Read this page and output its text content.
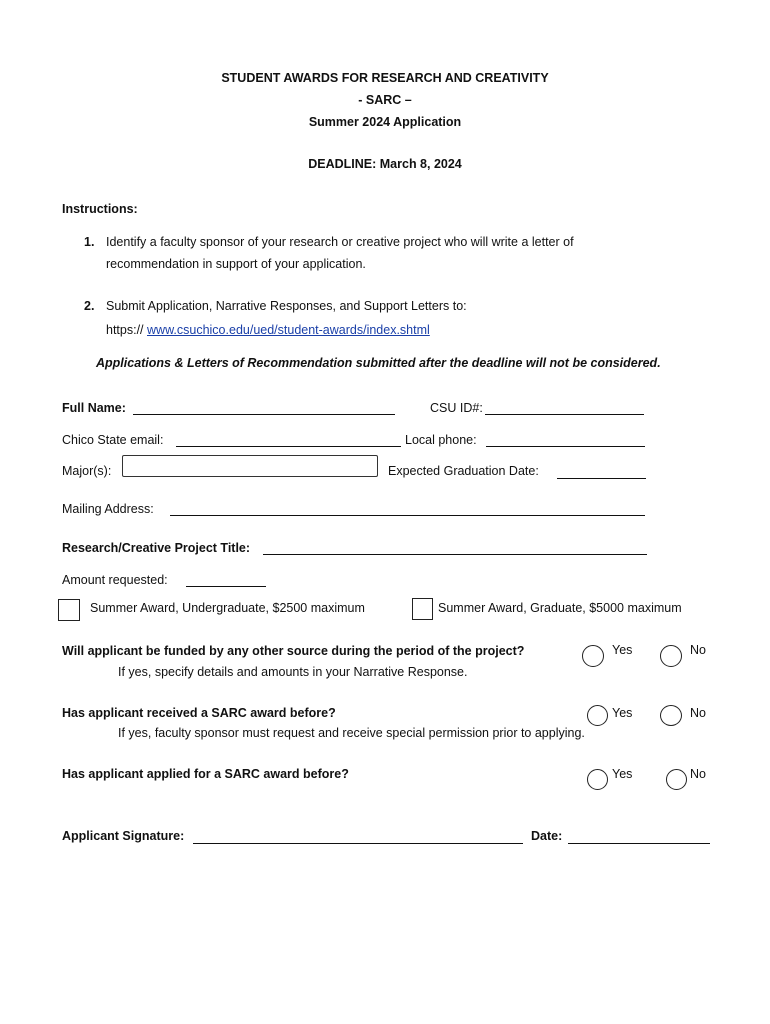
STUDENT AWARDS FOR RESEARCH AND CREATIVITY
- SARC –
Summer 2024 Application
DEADLINE: March 8, 2024
Instructions:
1. Identify a faculty sponsor of your research or creative project who will write a letter of
recommendation in support of your application.
2. Submit Application, Narrative Responses, and Support Letters to:
https:// www.csuchico.edu/ued/student-awards/index.shtml
Applications & Letters of Recommendation submitted after the deadline will not be considered.
Full Name:	CSU ID#:
Chico State email:	Local phone:
Major(s):	Expected Graduation Date:
Mailing Address:
Research/Creative Project Title:
Amount requested:
Summer Award, Undergraduate, $2500 maximum	Summer Award, Graduate, $5000 maximum
Will applicant be funded by any other source during the period of the project?
If yes, specify details and amounts in your Narrative Response.
Yes	No
Has applicant received a SARC award before?
If yes, faculty sponsor must request and receive special permission prior to applying.
Yes	No
Has applicant applied for a SARC award before?	Yes	No
Applicant Signature:	Date:
